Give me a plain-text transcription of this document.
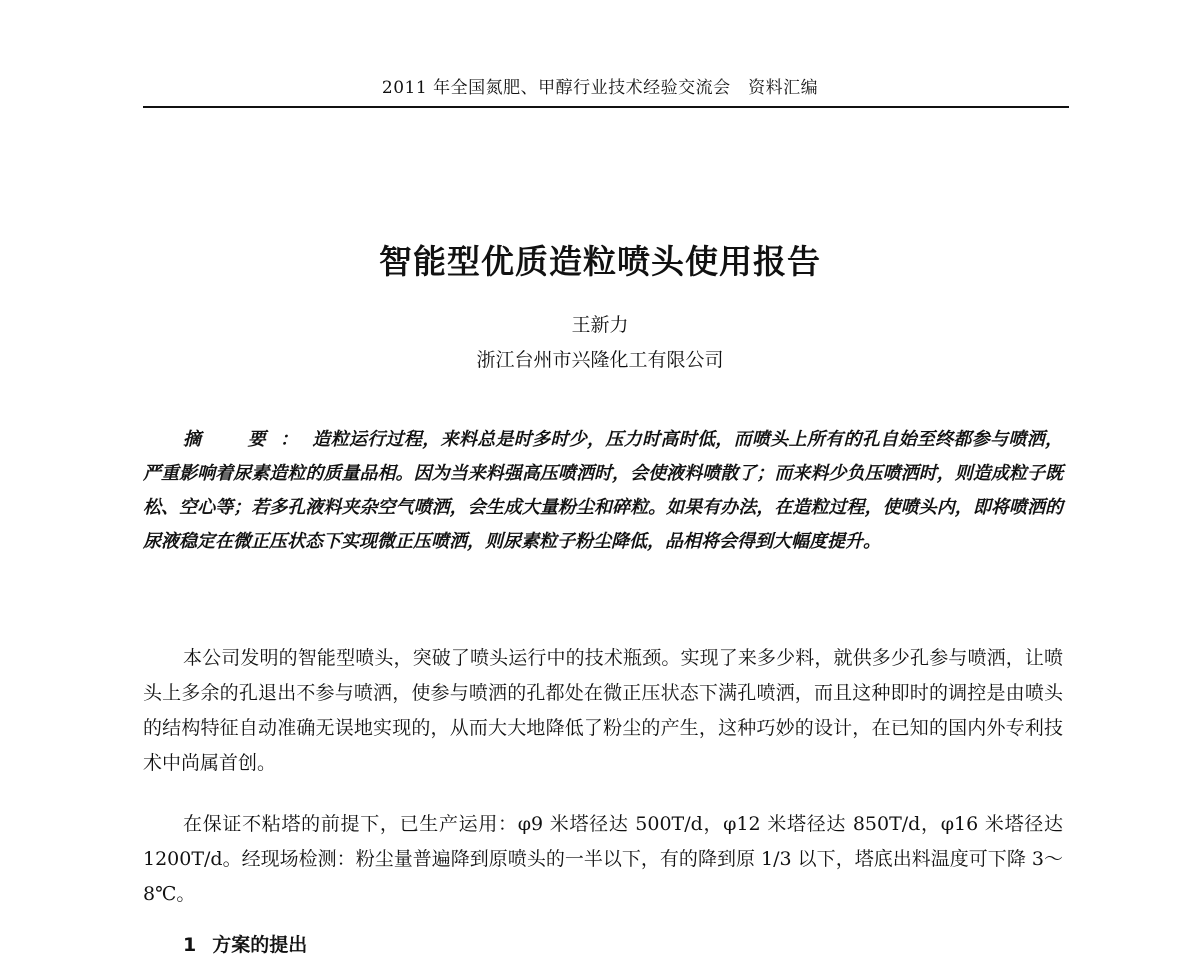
2011 年全国氮肥、甲醇行业技术经验交流会　资料汇编
智能型优质造粒喷头使用报告
王新力
浙江台州市兴隆化工有限公司
摘　要：造粒运行过程，来料总是时多时少，压力时高时低，而喷头上所有的孔自始至终都参与喷洒，严重影响着尿素造粒的质量品相。因为当来料强高压喷洒时，会使液料喷散了；而来料少负压喷洒时，则造成粒子既松、空心等；若多孔液料夹杂空气喷洒，会生成大量粉尘和碎粒。如果有办法，在造粒过程，使喷头内，即将喷洒的尿液稳定在微正压状态下实现微正压喷洒，则尿素粒子粉尘降低，品相将会得到大幅度提升。

本公司发明的智能型喷头，突破了喷头运行中的技术瓶颈。实现了来多少料，就供多少孔参与喷洒，让喷头上多余的孔退出不参与喷洒，使参与喷洒的孔都处在微正压状态下满孔喷洒，而且这种即时的调控是由喷头的结构特征自动准确无误地实现的，从而大大地降低了粉尘的产生，这种巧妙的设计，在已知的国内外专利技术中尚属首创。

在保证不粘塔的前提下，已生产运用：φ9 米塔径达 500T/d，φ12 米塔径达 850T/d，φ16 米塔径达 1200T/d。经现场检测：粉尘量普遍降到原喷头的一半以下，有的降到原 1/3 以下，塔底出料温度可下降 3～8℃。

1 方案的提出
